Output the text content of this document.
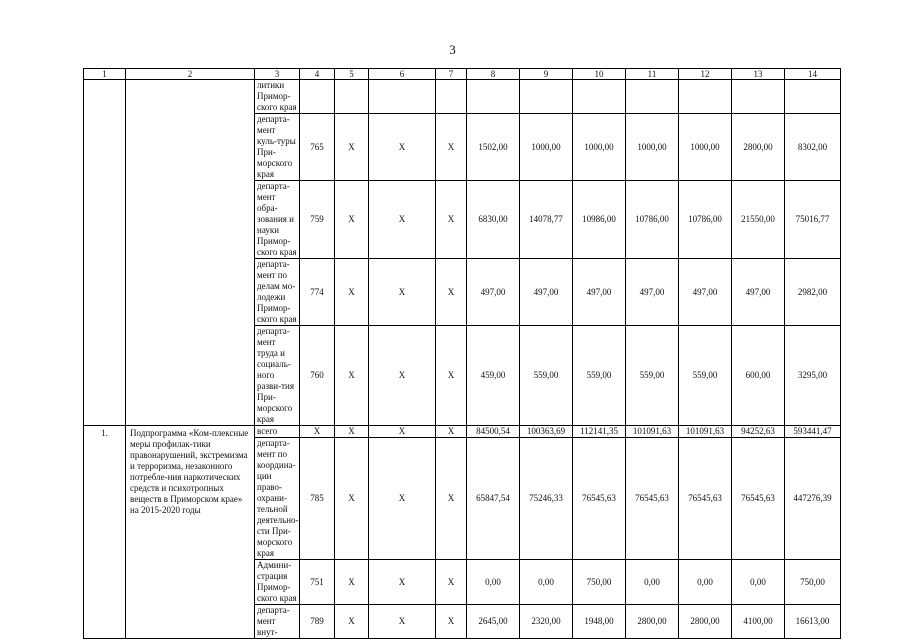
3
1	2	3	4	5	6	7	8	9	10	11	12	13	14
		литики Примор-ского края											
		департа-мент куль-туры При-морского края	765	Х	Х	Х	1502,00	1000,00	1000,00	1000,00	1000,00	2800,00	8302,00
		департа-мент обра-зования и науки Примор-ского края	759	Х	Х	Х	6830,00	14078,77	10986,00	10786,00	10786,00	21550,00	75016,77
		департа-мент по делам мо-лодежи Примор-ского края	774	Х	Х	Х	497,00	497,00	497,00	497,00	497,00	497,00	2982,00
		департа-мент труда и социаль-ного разви-тия При-морского края	760	Х	Х	Х	459,00	559,00	559,00	559,00	559,00	600,00	3295,00
1.	Подпрограмма «Ком-плексные меры профилак-тики правонарушений, экстремизма и терроризма, незаконного потребле-ния наркотических средств и психотропных веществ в Приморском крае» на 2015-2020 годы	всего	Х	Х	Х	Х	84500,54	100363,69	112141,35	101091,63	101091,63	94252,63	593441,47
		департа-мент по координа-ции право-охрани-тельной деятельно-сти При-морского края	785	Х	Х	Х	65847,54	75246,33	76545,63	76545,63	76545,63	76545,63	447276,39
		Админи-страция Примор-ского края	751	Х	Х	Х	0,00	0,00	750,00	0,00	0,00	0,00	750,00
		департа-мент внут-	789	Х	Х	Х	2645,00	2320,00	1948,00	2800,00	2800,00	4100,00	16613,00
